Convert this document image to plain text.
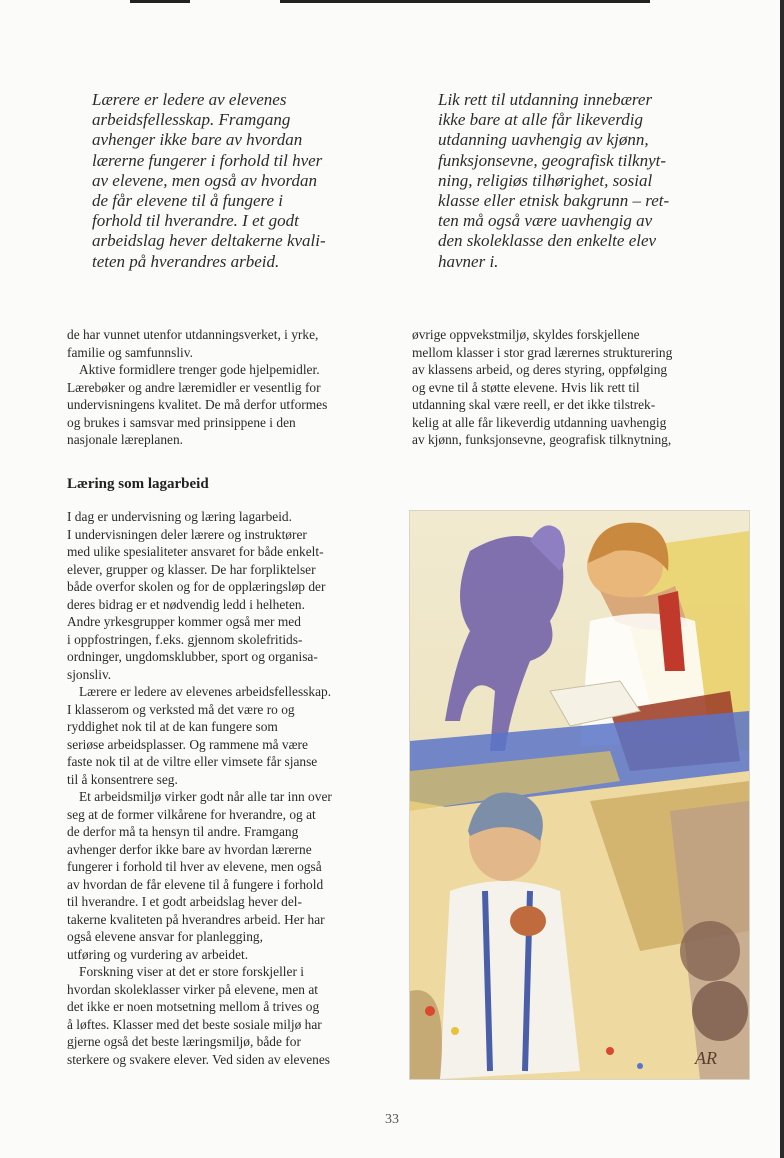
Lærere er ledere av elevenes
arbeidsfellesskap. Framgang
avhenger ikke bare av hvordan
lærerne fungerer i forhold til hver
av elevene, men også av hvordan
de får elevene til å fungere i
forhold til hverandre. I et godt
arbeidslag hever deltakerne kvali-
teten på hverandres arbeid.
Lik rett til utdanning innebærer
ikke bare at alle får likeverdig
utdanning uavhengig av kjønn,
funksjonsevne, geografisk tilknyt-
ning, religiøs tilhørighet, sosial
klasse eller etnisk bakgrunn – ret-
ten må også være uavhengig av
den skoleklasse den enkelte elev
havner i.
de har vunnet utenfor utdanningsverket, i yrke,
familie og samfunnsliv.
Aktive formidlere trenger gode hjelpemidler.
Lærebøker og andre læremidler er vesentlig for
undervisningens kvalitet. De må derfor utformes
og brukes i samsvar med prinsippene i den
nasjonale læreplanen.
øvrige oppvekstmiljø, skyldes forskjellene
mellom klasser i stor grad lærernes strukturering
av klassens arbeid, og deres styring, oppfølging
og evne til å støtte elevene. Hvis lik rett til
utdanning skal være reell, er det ikke tilstrek-
kelig at alle får likeverdig utdanning uavhengig
av kjønn, funksjonsevne, geografisk tilknytning,
Læring som lagarbeid
I dag er undervisning og læring lagarbeid.
I undervisningen deler lærere og instruktører
med ulike spesialiteter ansvaret for både enkelt-
elever, grupper og klasser. De har forpliktelser
både overfor skolen og for de opplæringsløp der
deres bidrag er et nødvendig ledd i helheten.
Andre yrkesgrupper kommer også mer med
i oppfostringen, f.eks. gjennom skolefritids-
ordninger, ungdomsklubber, sport og organisa-
sjonsliv.
Lærere er ledere av elevenes arbeidsfellesskap.
I klasserom og verksted må det være ro og
ryddighet nok til at de kan fungere som
seriøse arbeidsplasser. Og rammene må være
faste nok til at de viltre eller vimsete får sjanse
til å konsentrere seg.
Et arbeidsmiljø virker godt når alle tar inn over
seg at de former vilkårene for hverandre, og at
de derfor må ta hensyn til andre. Framgang
avhenger derfor ikke bare av hvordan lærerne
fungerer i forhold til hver av elevene, men også
av hvordan de får elevene til å fungere i forhold
til hverandre. I et godt arbeidslag hever del-
takerne kvaliteten på hverandres arbeid. Her har
også elevene ansvar for planlegging,
utføring og vurdering av arbeidet.
Forskning viser at det er store forskjeller i
hvordan skoleklasser virker på elevene, men at
det ikke er noen motsetning mellom å trives og
å løftes. Klasser med det beste sosiale miljø har
gjerne også det beste læringsmiljø, både for
sterkere og svakere elever. Ved siden av elevenes	AR
33
